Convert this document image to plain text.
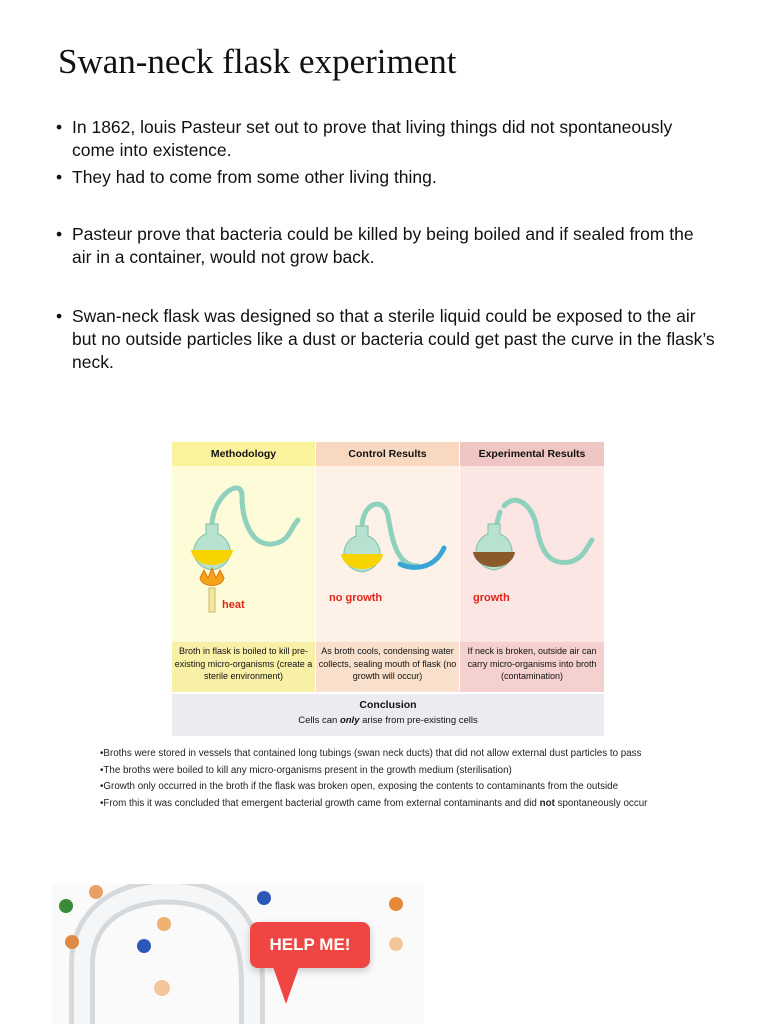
Swan-neck flask experiment
• In 1862, louis Pasteur set out to prove that living things did not spontaneously come into existence.
• They had to come from some other living thing.
• Pasteur prove that bacteria could be killed by being boiled and if sealed from the air in a container, would not grow back.
• Swan-neck flask was designed so that a sterile liquid could be exposed to the air but no outside particles like a dust or bacteria could get past the curve in the flask’s neck.
Methodology
heat
Broth in flask is boiled to kill pre-existing micro-organisms (create a sterile environment)
Control Results
no growth
As broth cools, condensing water collects, sealing mouth of flask (no growth will occur)
Experimental Results
growth
If neck is broken, outside air can carry micro-organisms into broth (contamination)
Conclusion
Cells can only arise from pre-existing cells

•Broths were stored in vessels that contained long tubings (swan neck ducts) that did not allow external dust particles to pass

•The broths were boiled to kill any micro-organisms present in the growth medium (sterilisation)

•Growth only occurred in the broth if the flask was broken open, exposing the contents to contaminants from the outside

•From this it was concluded that emergent bacterial growth came from external contaminants and did not spontaneously occur

HELP ME!
